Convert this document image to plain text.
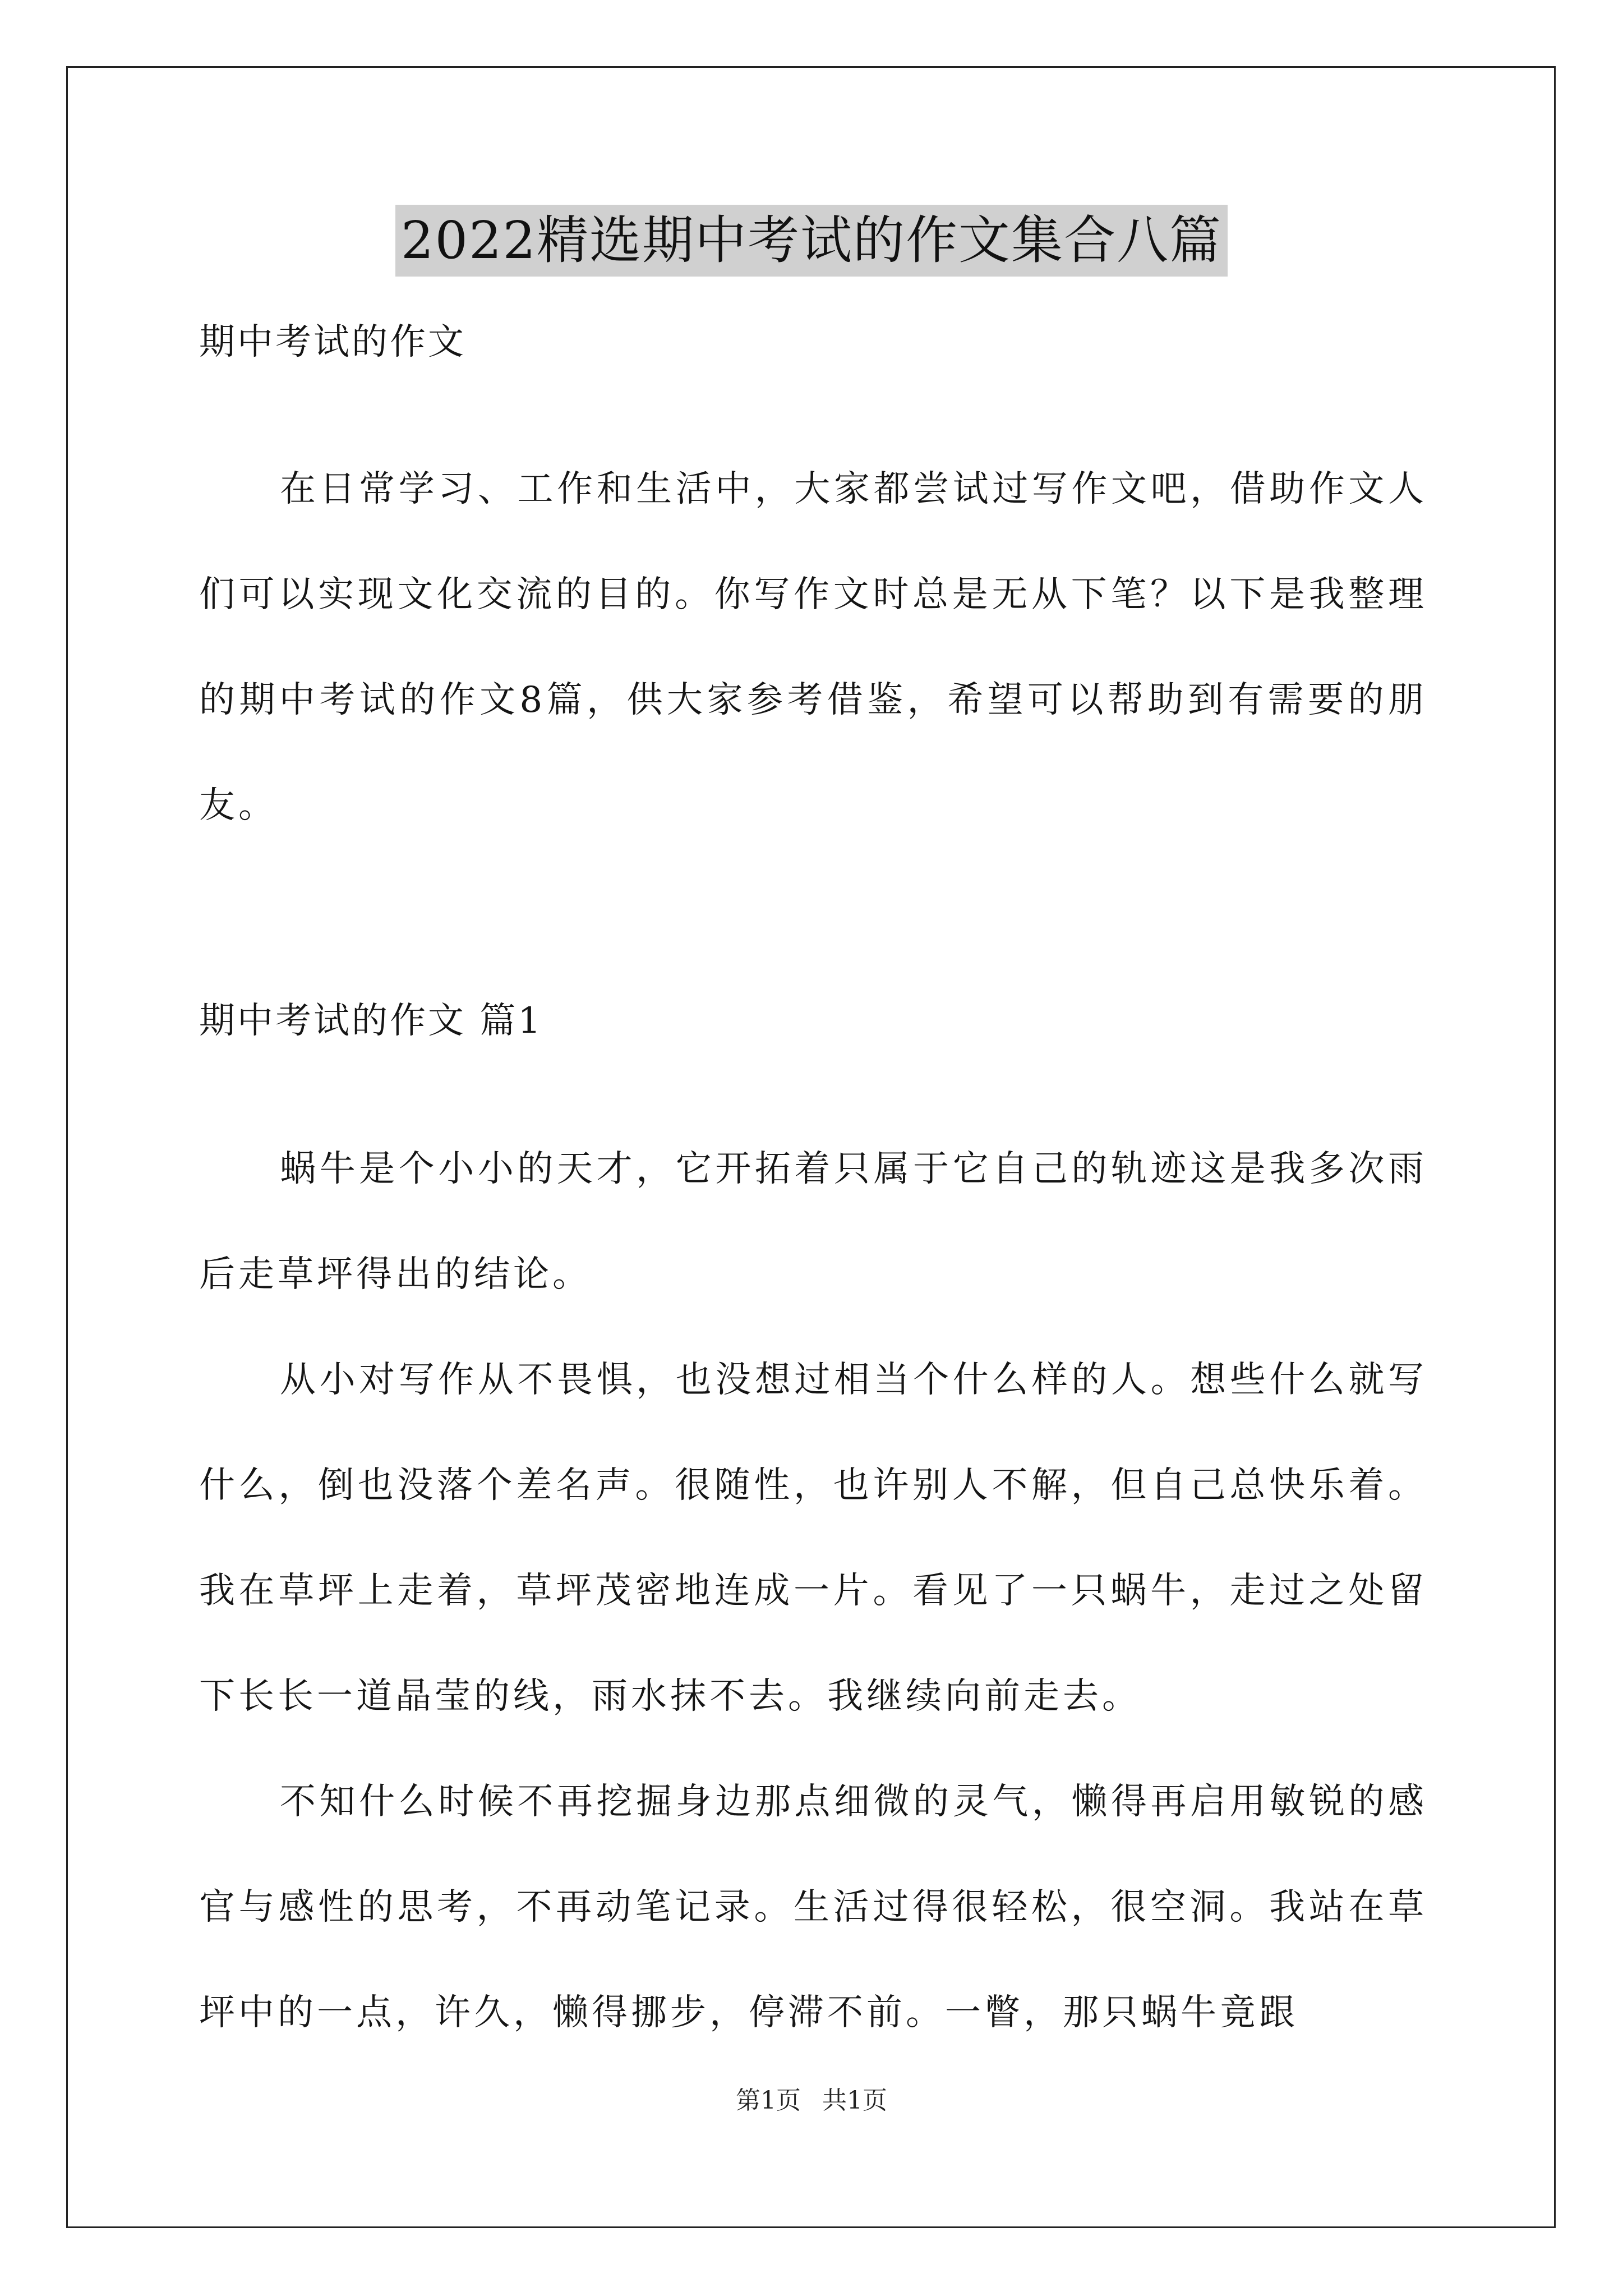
2022精选期中考试的作文集合八篇
期中考试的作文

在日常学习、工作和生活中，大家都尝试过写作文吧，借助作文人们可以实现文化交流的目的。你写作文时总是无从下笔？以下是我整理的期中考试的作文8篇，供大家参考借鉴，希望可以帮助到有需要的朋友。

期中考试的作文 篇1

蜗牛是个小小的天才，它开拓着只属于它自己的轨迹这是我多次雨后走草坪得出的结论。

从小对写作从不畏惧，也没想过相当个什么样的人。想些什么就写什么，倒也没落个差名声。很随性，也许别人不解，但自己总快乐着。我在草坪上走着，草坪茂密地连成一片。看见了一只蜗牛，走过之处留下长长一道晶莹的线，雨水抹不去。我继续向前走去。

不知什么时候不再挖掘身边那点细微的灵气，懒得再启用敏锐的感官与感性的思考，不再动笔记录。生活过得很轻松，很空洞。我站在草坪中的一点，许久，懒得挪步，停滞不前。一瞥，那只蜗牛竟跟

第1页 共1页
